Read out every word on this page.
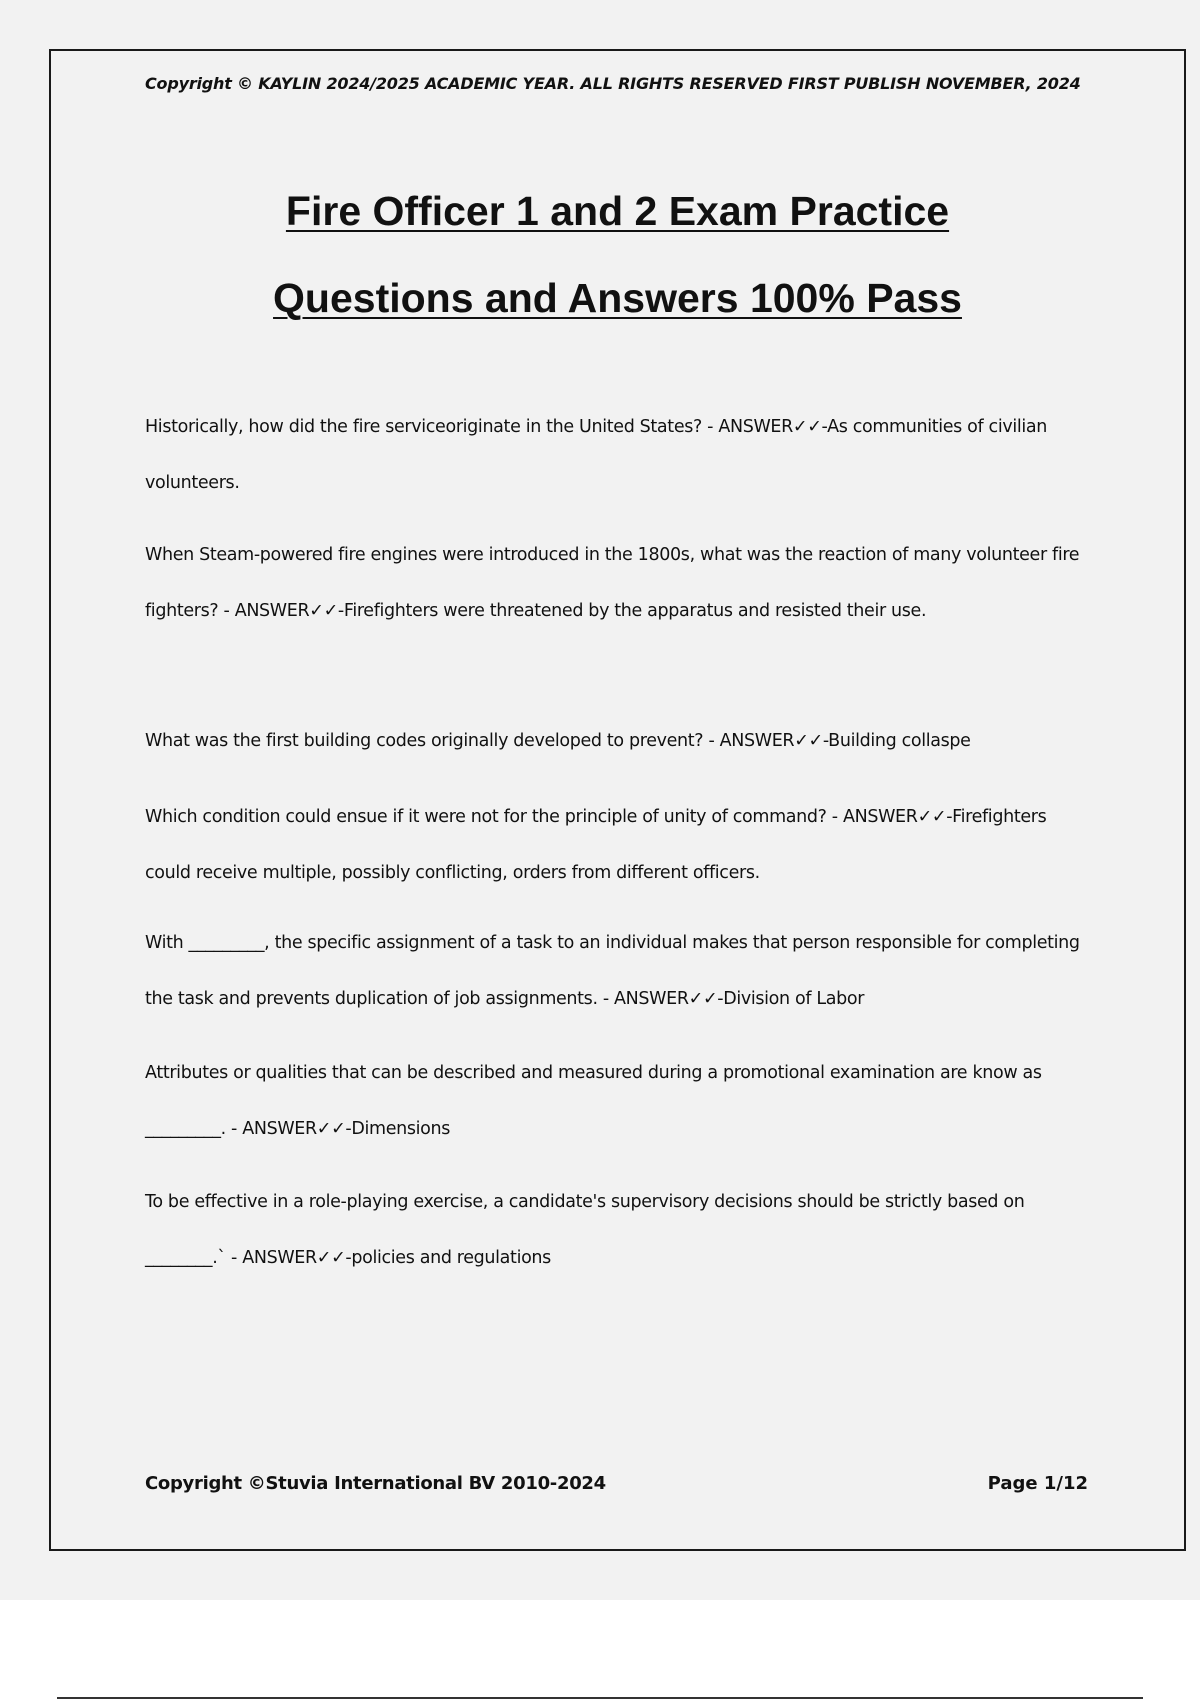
Copyright © KAYLIN 2024/2025 ACADEMIC YEAR. ALL RIGHTS RESERVED FIRST PUBLISH NOVEMBER, 2024
Fire Officer 1 and 2 Exam Practice
Questions and Answers 100% Pass

Historically, how did the fire serviceoriginate in the United States? - ANSWER✓✓-As communities of civilian volunteers.

When Steam-powered fire engines were introduced in the 1800s, what was the reaction of many volunteer fire fighters? - ANSWER✓✓-Firefighters were threatened by the apparatus and resisted their use.

What was the first building codes originally developed to prevent? - ANSWER✓✓-Building collaspe

Which condition could ensue if it were not for the principle of unity of command? - ANSWER✓✓-Firefighters could receive multiple, possibly conflicting, orders from different officers.

With _________, the specific assignment of a task to an individual makes that person responsible for completing the task and prevents duplication of job assignments. - ANSWER✓✓-Division of Labor

Attributes or qualities that can be described and measured during a promotional examination are know as _________. - ANSWER✓✓-Dimensions

To be effective in a role-playing exercise, a candidate's supervisory decisions should be strictly based on ________.` - ANSWER✓✓-policies and regulations

Copyright ©Stuvia International BV 2010-2024	Page 1/12
